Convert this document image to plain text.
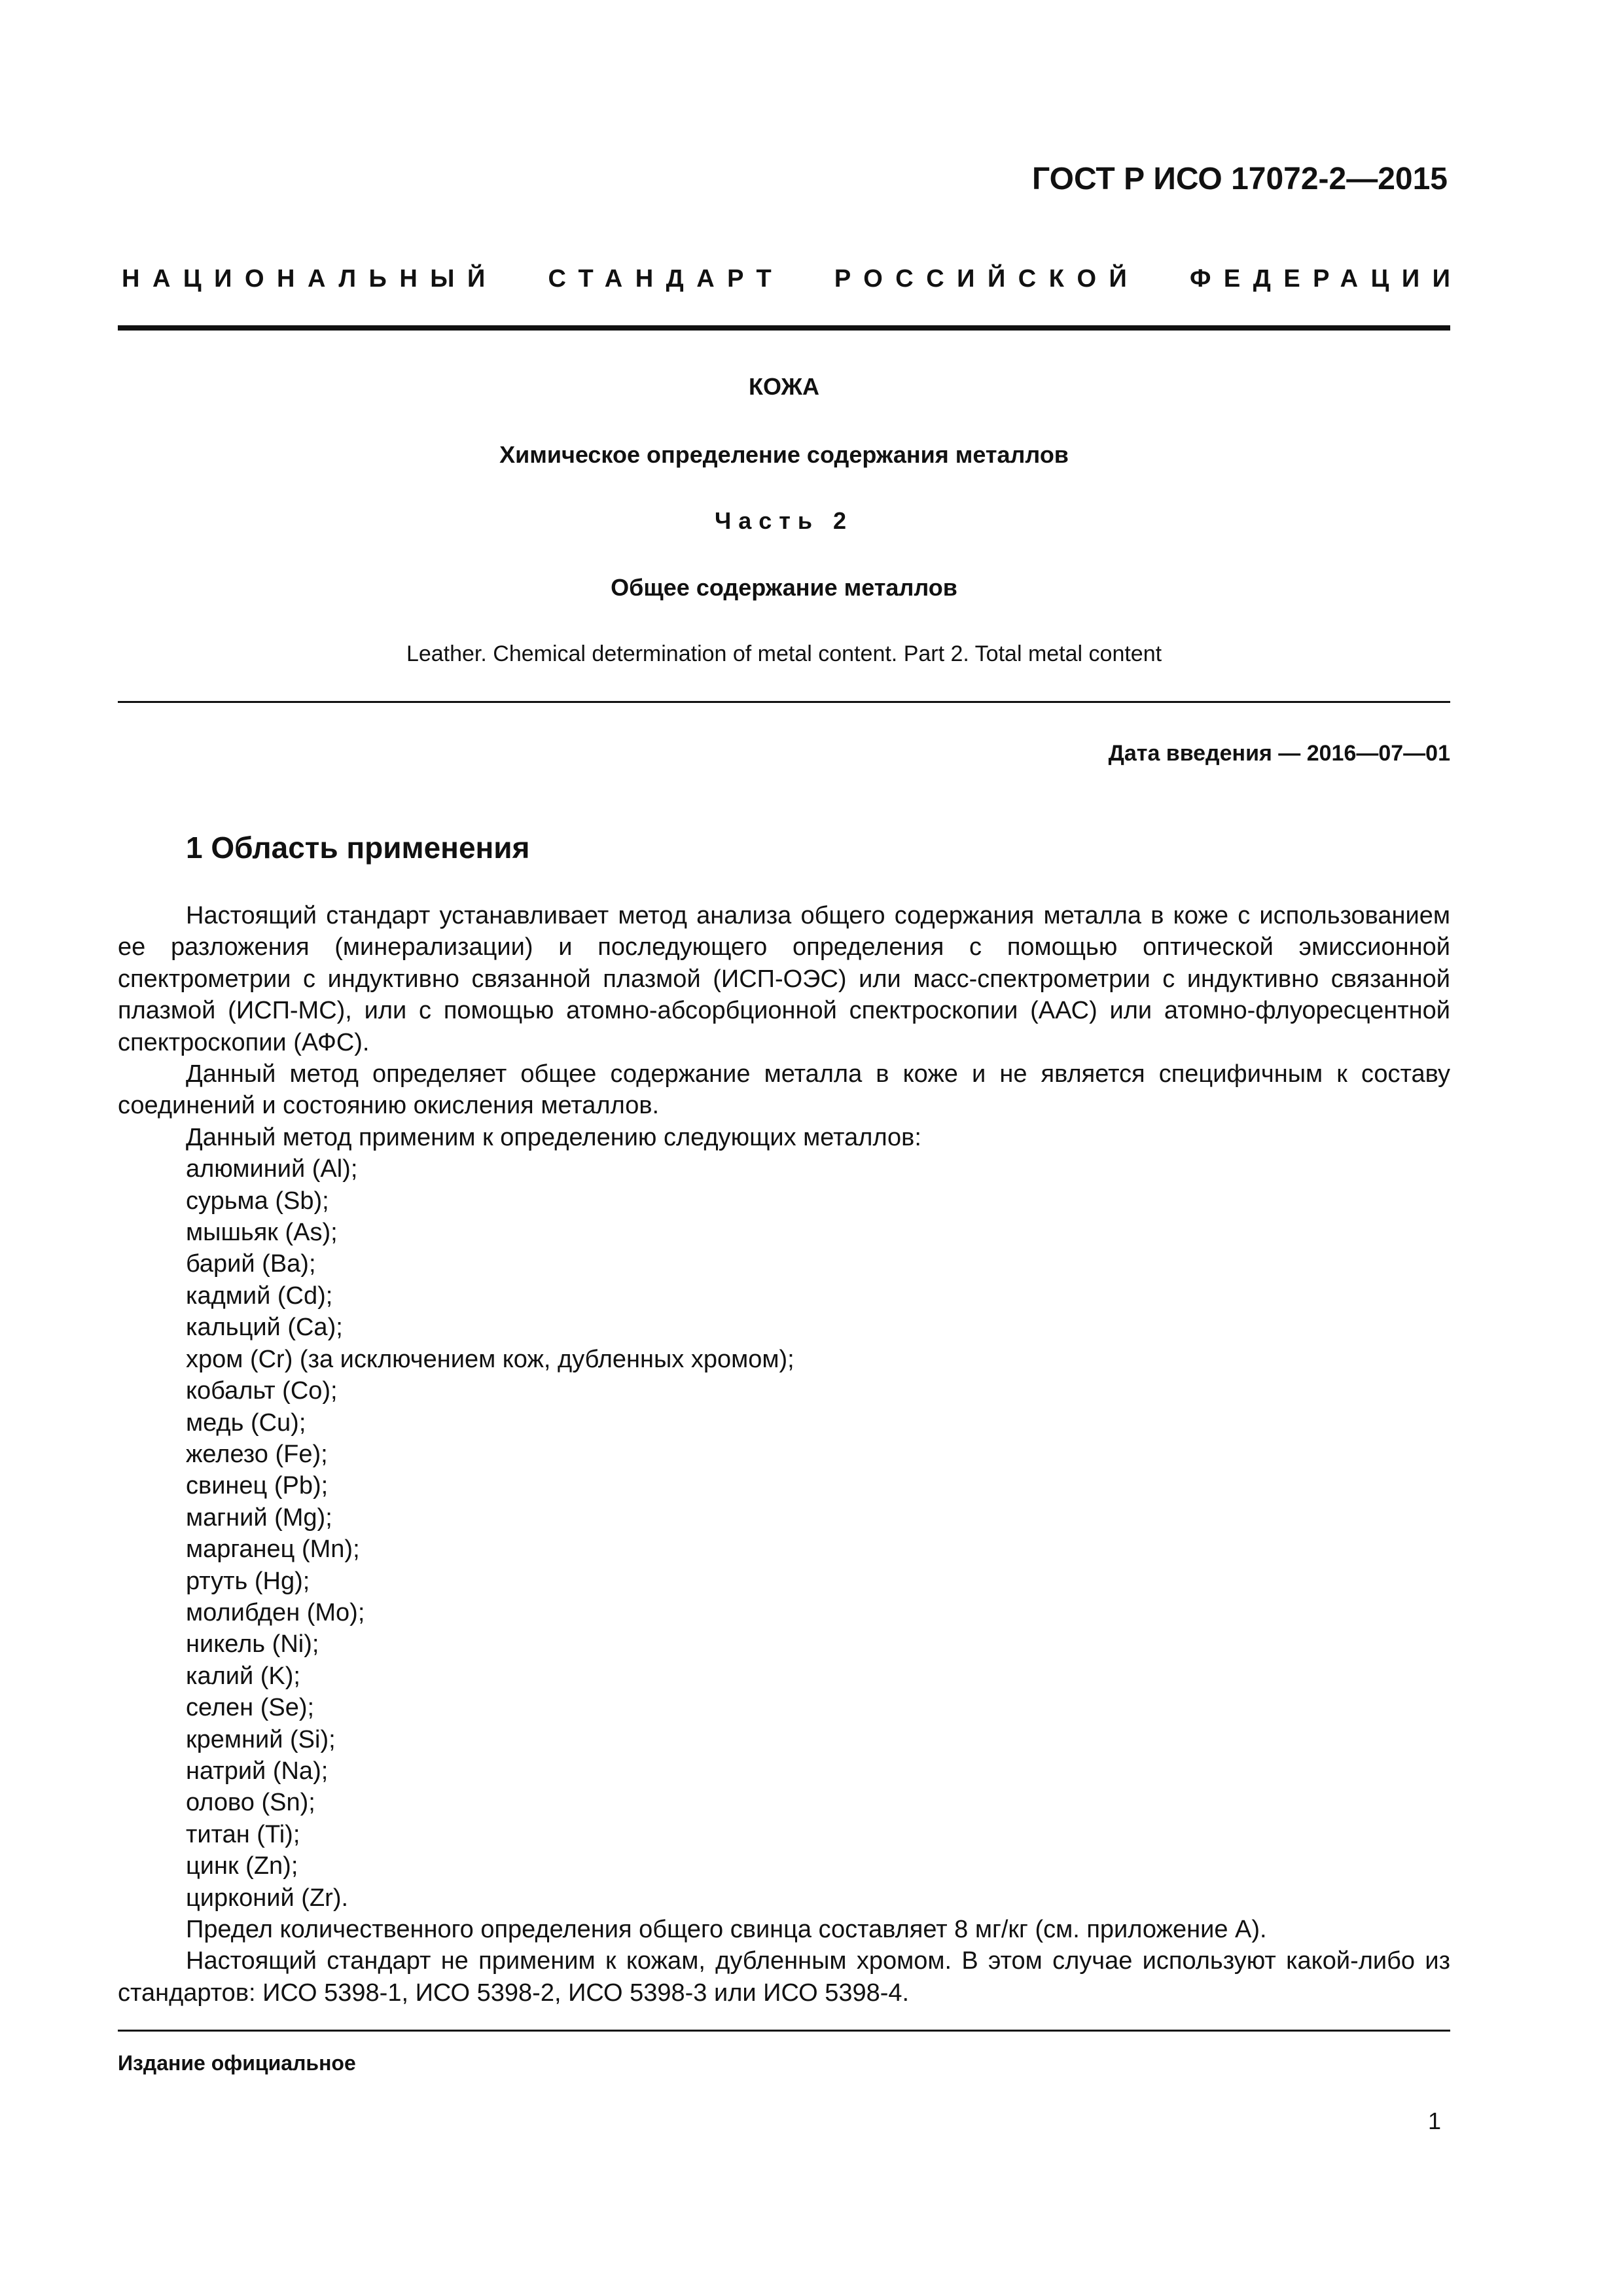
ГОСТ Р ИСО 17072-2—2015
НАЦИОНАЛЬНЫЙ СТАНДАРТ РОССИЙСКОЙ ФЕДЕРАЦИИ
КОЖА
Химическое определение содержания металлов
Часть 2
Общее содержание металлов
Leather. Chemical determination of metal content. Part 2. Total metal content
Дата введения — 2016—07—01
1 Область применения

Настоящий стандарт устанавливает метод анализа общего содержания металла в коже с использованием ее разложения (минерализации) и последующего определения с помощью оптической эмиссионной спектрометрии с индуктивно связанной плазмой (ИСП-ОЭС) или масс-спектрометрии с индуктивно связанной плазмой (ИСП-МС), или с помощью атомно-абсорбционной спектроскопии (ААС) или атомно-флуоресцентной спектроскопии (АФС).

Данный метод определяет общее содержание металла в коже и не является специфичным к составу соединений и состоянию окисления металлов.

Данный метод применим к определению следующих металлов:

алюминий (Al);
сурьма (Sb);
мышьяк (As);
барий (Ba);
кадмий (Cd);
кальций (Ca);
хром (Cr) (за исключением кож, дубленных хромом);
кобальт (Co);
медь (Cu);
железо (Fe);
свинец (Pb);
магний (Mg);
марганец (Mn);
ртуть (Hg);
молибден (Mo);
никель (Ni);
калий (K);
селен (Se);
кремний (Si);
натрий (Na);
олово (Sn);
титан (Ti);
цинк (Zn);
цирконий (Zr).

Предел количественного определения общего свинца составляет 8 мг/кг (см. приложение А).

Настоящий стандарт не применим к кожам, дубленным хромом. В этом случае используют какой-либо из стандартов: ИСО 5398-1, ИСО 5398-2, ИСО 5398-3 или ИСО 5398-4.

Издание официальное
1
